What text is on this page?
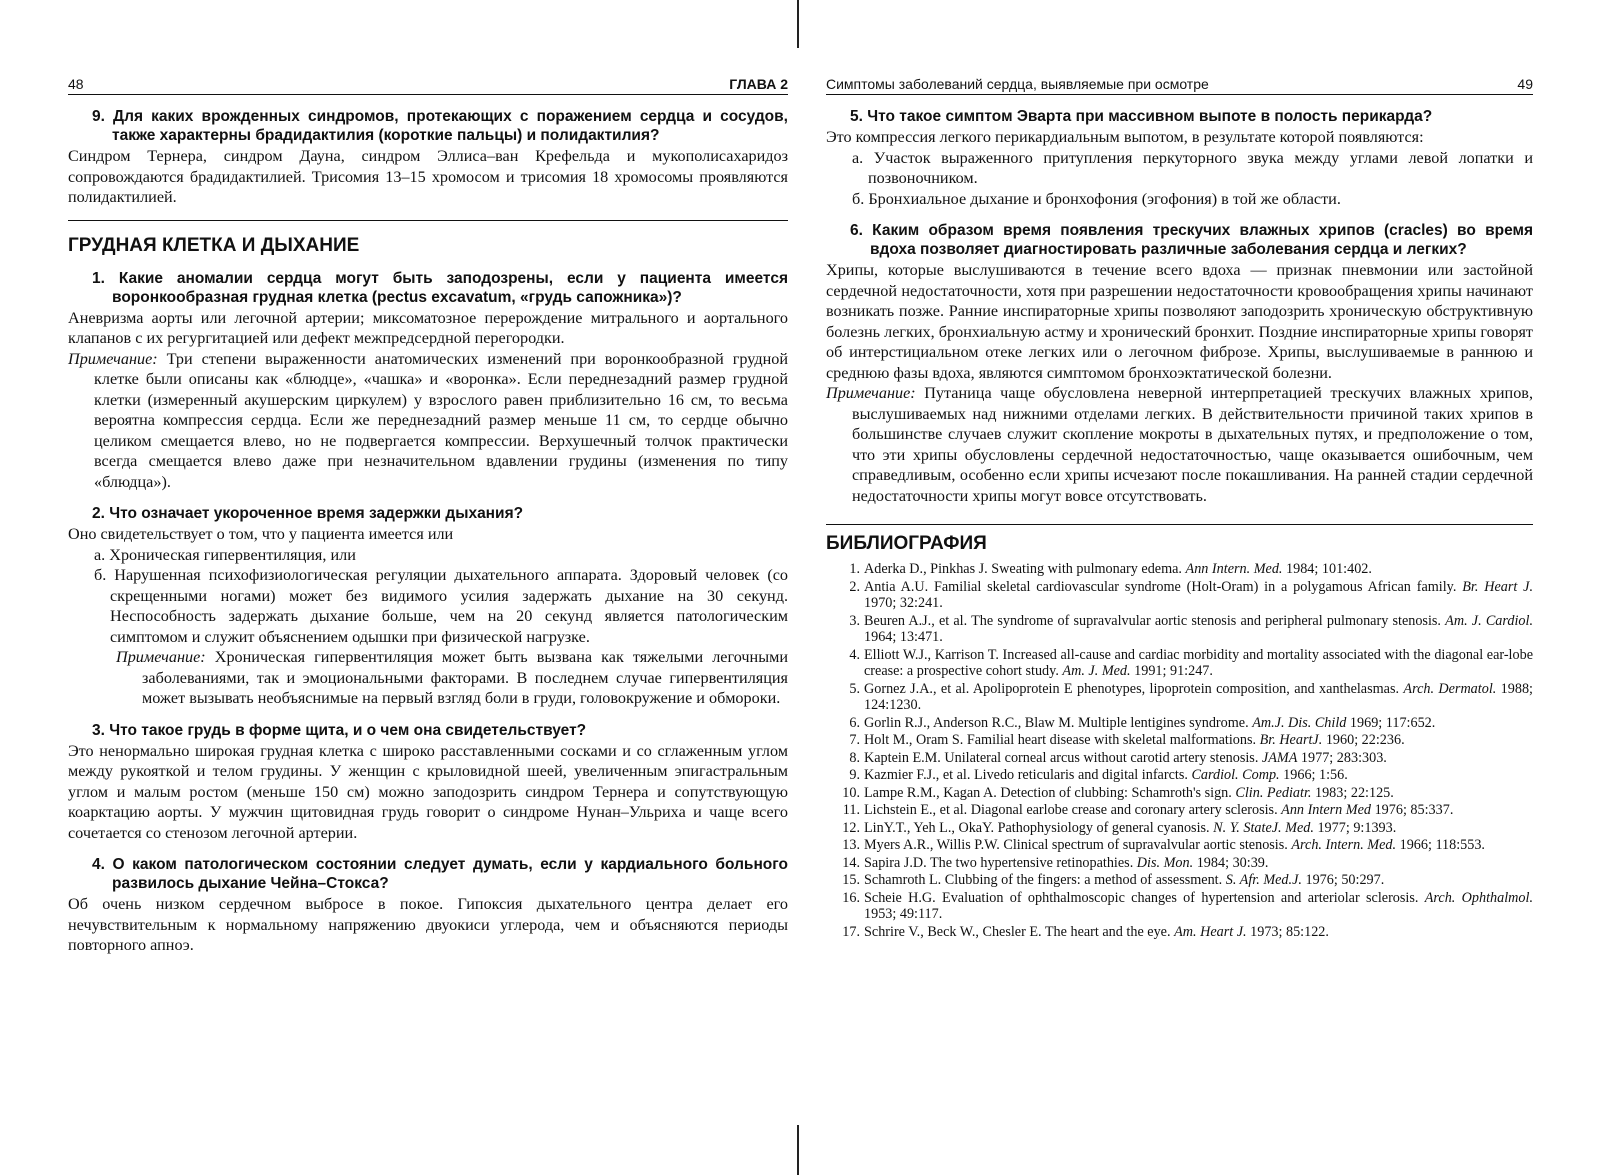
48	ГЛАВА 2
9. Для каких врожденных синдромов, протекающих с поражением сердца и сосудов, также характерны брадидактилия (короткие пальцы) и полидактилия?

Синдром Тернера, синдром Дауна, синдром Эллиса–ван Крефельда и мукополисахаридоз сопровождаются брадидактилией. Трисомия 13–15 хромосом и трисомия 18 хромосомы проявляются полидактилией.

ГРУДНАЯ КЛЕТКА И ДЫХАНИЕ
1. Какие аномалии сердца могут быть заподозрены, если у пациента имеется воронкообразная грудная клетка (pectus excavatum, «грудь сапожника»)?

Аневризма аорты или легочной артерии; миксоматозное перерождение митрального и аортального клапанов с их регургитацией или дефект межпредсердной перегородки.

Примечание: Три степени выраженности анатомических изменений при воронкообразной грудной клетке были описаны как «блюдце», «чашка» и «воронка». Если переднезадний размер грудной клетки (измеренный акушерским циркулем) у взрослого равен приблизительно 16 см, то весьма вероятна компрессия сердца. Если же переднезадний размер меньше 11 см, то сердце обычно целиком смещается влево, но не подвергается компрессии. Верхушечный толчок практически всегда смещается влево даже при незначительном вдавлении грудины (изменения по типу «блюдца»).

2. Что означает укороченное время задержки дыхания?

Оно свидетельствует о том, что у пациента имеется или

а. Хроническая гипервентиляция, или

б. Нарушенная психофизиологическая регуляции дыхательного аппарата. Здоровый человек (со скрещенными ногами) может без видимого усилия задержать дыхание на 30 секунд. Неспособность задержать дыхание больше, чем на 20 секунд является патологическим симптомом и служит объяснением одышки при физической нагрузке.

Примечание: Хроническая гипервентиляция может быть вызвана как тяжелыми легочными заболеваниями, так и эмоциональными факторами. В последнем случае гипервентиляция может вызывать необъяснимые на первый взгляд боли в груди, головокружение и обмороки.

3. Что такое грудь в форме щита, и о чем она свидетельствует?

Это ненормально широкая грудная клетка с широко расставленными сосками и со сглаженным углом между рукояткой и телом грудины. У женщин с крыловидной шеей, увеличенным эпигастральным углом и малым ростом (меньше 150 см) можно заподозрить синдром Тернера и сопутствующую коарктацию аорты. У мужчин щитовидная грудь говорит о синдроме Нунан–Ульриха и чаще всего сочетается со стенозом легочной артерии.

4. О каком патологическом состоянии следует думать, если у кардиального больного развилось дыхание Чейна–Стокса?

Об очень низком сердечном выбросе в покое. Гипоксия дыхательного центра делает его нечувствительным к нормальному напряжению двуокиси углерода, чем и объясняются периоды повторного апноэ.

Симптомы заболеваний сердца, выявляемые при осмотре	49
5. Что такое симптом Эварта при массивном выпоте в полость перикарда?

Это компрессия легкого перикардиальным выпотом, в результате которой появляются:

а. Участок выраженного притупления перкуторного звука между углами левой лопатки и позвоночником.

б. Бронхиальное дыхание и бронхофония (эгофония) в той же области.

6. Каким образом время появления трескучих влажных хрипов (cracles) во время вдоха позволяет диагностировать различные заболевания сердца и легких?

Хрипы, которые выслушиваются в течение всего вдоха — признак пневмонии или застойной сердечной недостаточности, хотя при разрешении недостаточности кровообращения хрипы начинают возникать позже. Ранние инспираторные хрипы позволяют заподозрить хроническую обструктивную болезнь легких, бронхиальную астму и хронический бронхит. Поздние инспираторные хрипы говорят об интерстициальном отеке легких или о легочном фиброзе. Хрипы, выслушиваемые в раннюю и среднюю фазы вдоха, являются симптомом бронхоэктатической болезни.

Примечание: Путаница чаще обусловлена неверной интерпретацией трескучих влажных хрипов, выслушиваемых над нижними отделами легких. В действительности причиной таких хрипов в большинстве случаев служит скопление мокроты в дыхательных путях, и предположение о том, что эти хрипы обусловлены сердечной недостаточностью, чаще оказывается ошибочным, чем справедливым, особенно если хрипы исчезают после покашливания. На ранней стадии сердечной недостаточности хрипы могут вовсе отсутствовать.

БИБЛИОГРАФИЯ
1. Aderka D., Pinkhas J. Sweating with pulmonary edema. Ann Intern. Med. 1984; 101:402.
2. Antia A.U. Familial skeletal cardiovascular syndrome (Holt-Oram) in a polygamous African family. Br. Heart J. 1970; 32:241.
3. Beuren A.J., et al. The syndrome of supravalvular aortic stenosis and peripheral pulmonary stenosis. Am. J. Cardiol. 1964; 13:471.
4. Elliott W.J., Karrison T. Increased all-cause and cardiac morbidity and mortality associated with the diagonal ear-lobe crease: a prospective cohort study. Am. J. Med. 1991; 91:247.
5. Gornez J.A., et al. Apolipoprotein E phenotypes, lipoprotein composition, and xanthelasmas. Arch. Dermatol. 1988; 124:1230.
6. Gorlin R.J., Anderson R.C., Blaw M. Multiple lentigines syndrome. Am.J. Dis. Child 1969; 117:652.
7. Holt M., Oram S. Familial heart disease with skeletal malformations. Br. HeartJ. 1960; 22:236.
8. Kaptein E.M. Unilateral corneal arcus without carotid artery stenosis. JAMA 1977; 283:303.
9. Kazmier F.J., et al. Livedo reticularis and digital infarcts. Cardiol. Comp. 1966; 1:56.
10. Lampe R.M., Kagan A. Detection of clubbing: Schamroth's sign. Clin. Pediatr. 1983; 22:125.
11. Lichstein E., et al. Diagonal earlobe crease and coronary artery sclerosis. Ann Intern Med 1976; 85:337.
12. LinY.T., Yeh L., OkaY. Pathophysiology of general cyanosis. N. Y. StateJ. Med. 1977; 9:1393.
13. Myers A.R., Willis P.W. Clinical spectrum of supravalvular aortic stenosis. Arch. Intern. Med. 1966; 118:553.
14. Sapira J.D. The two hypertensive retinopathies. Dis. Mon. 1984; 30:39.
15. Schamroth L. Clubbing of the fingers: a method of assessment. S. Afr. Med.J. 1976; 50:297.
16. Scheie H.G. Evaluation of ophthalmoscopic changes of hypertension and arteriolar sclerosis. Arch. Ophthalmol. 1953; 49:117.
17. Schrire V., Beck W., Chesler E. The heart and the eye. Am. Heart J. 1973; 85:122.
